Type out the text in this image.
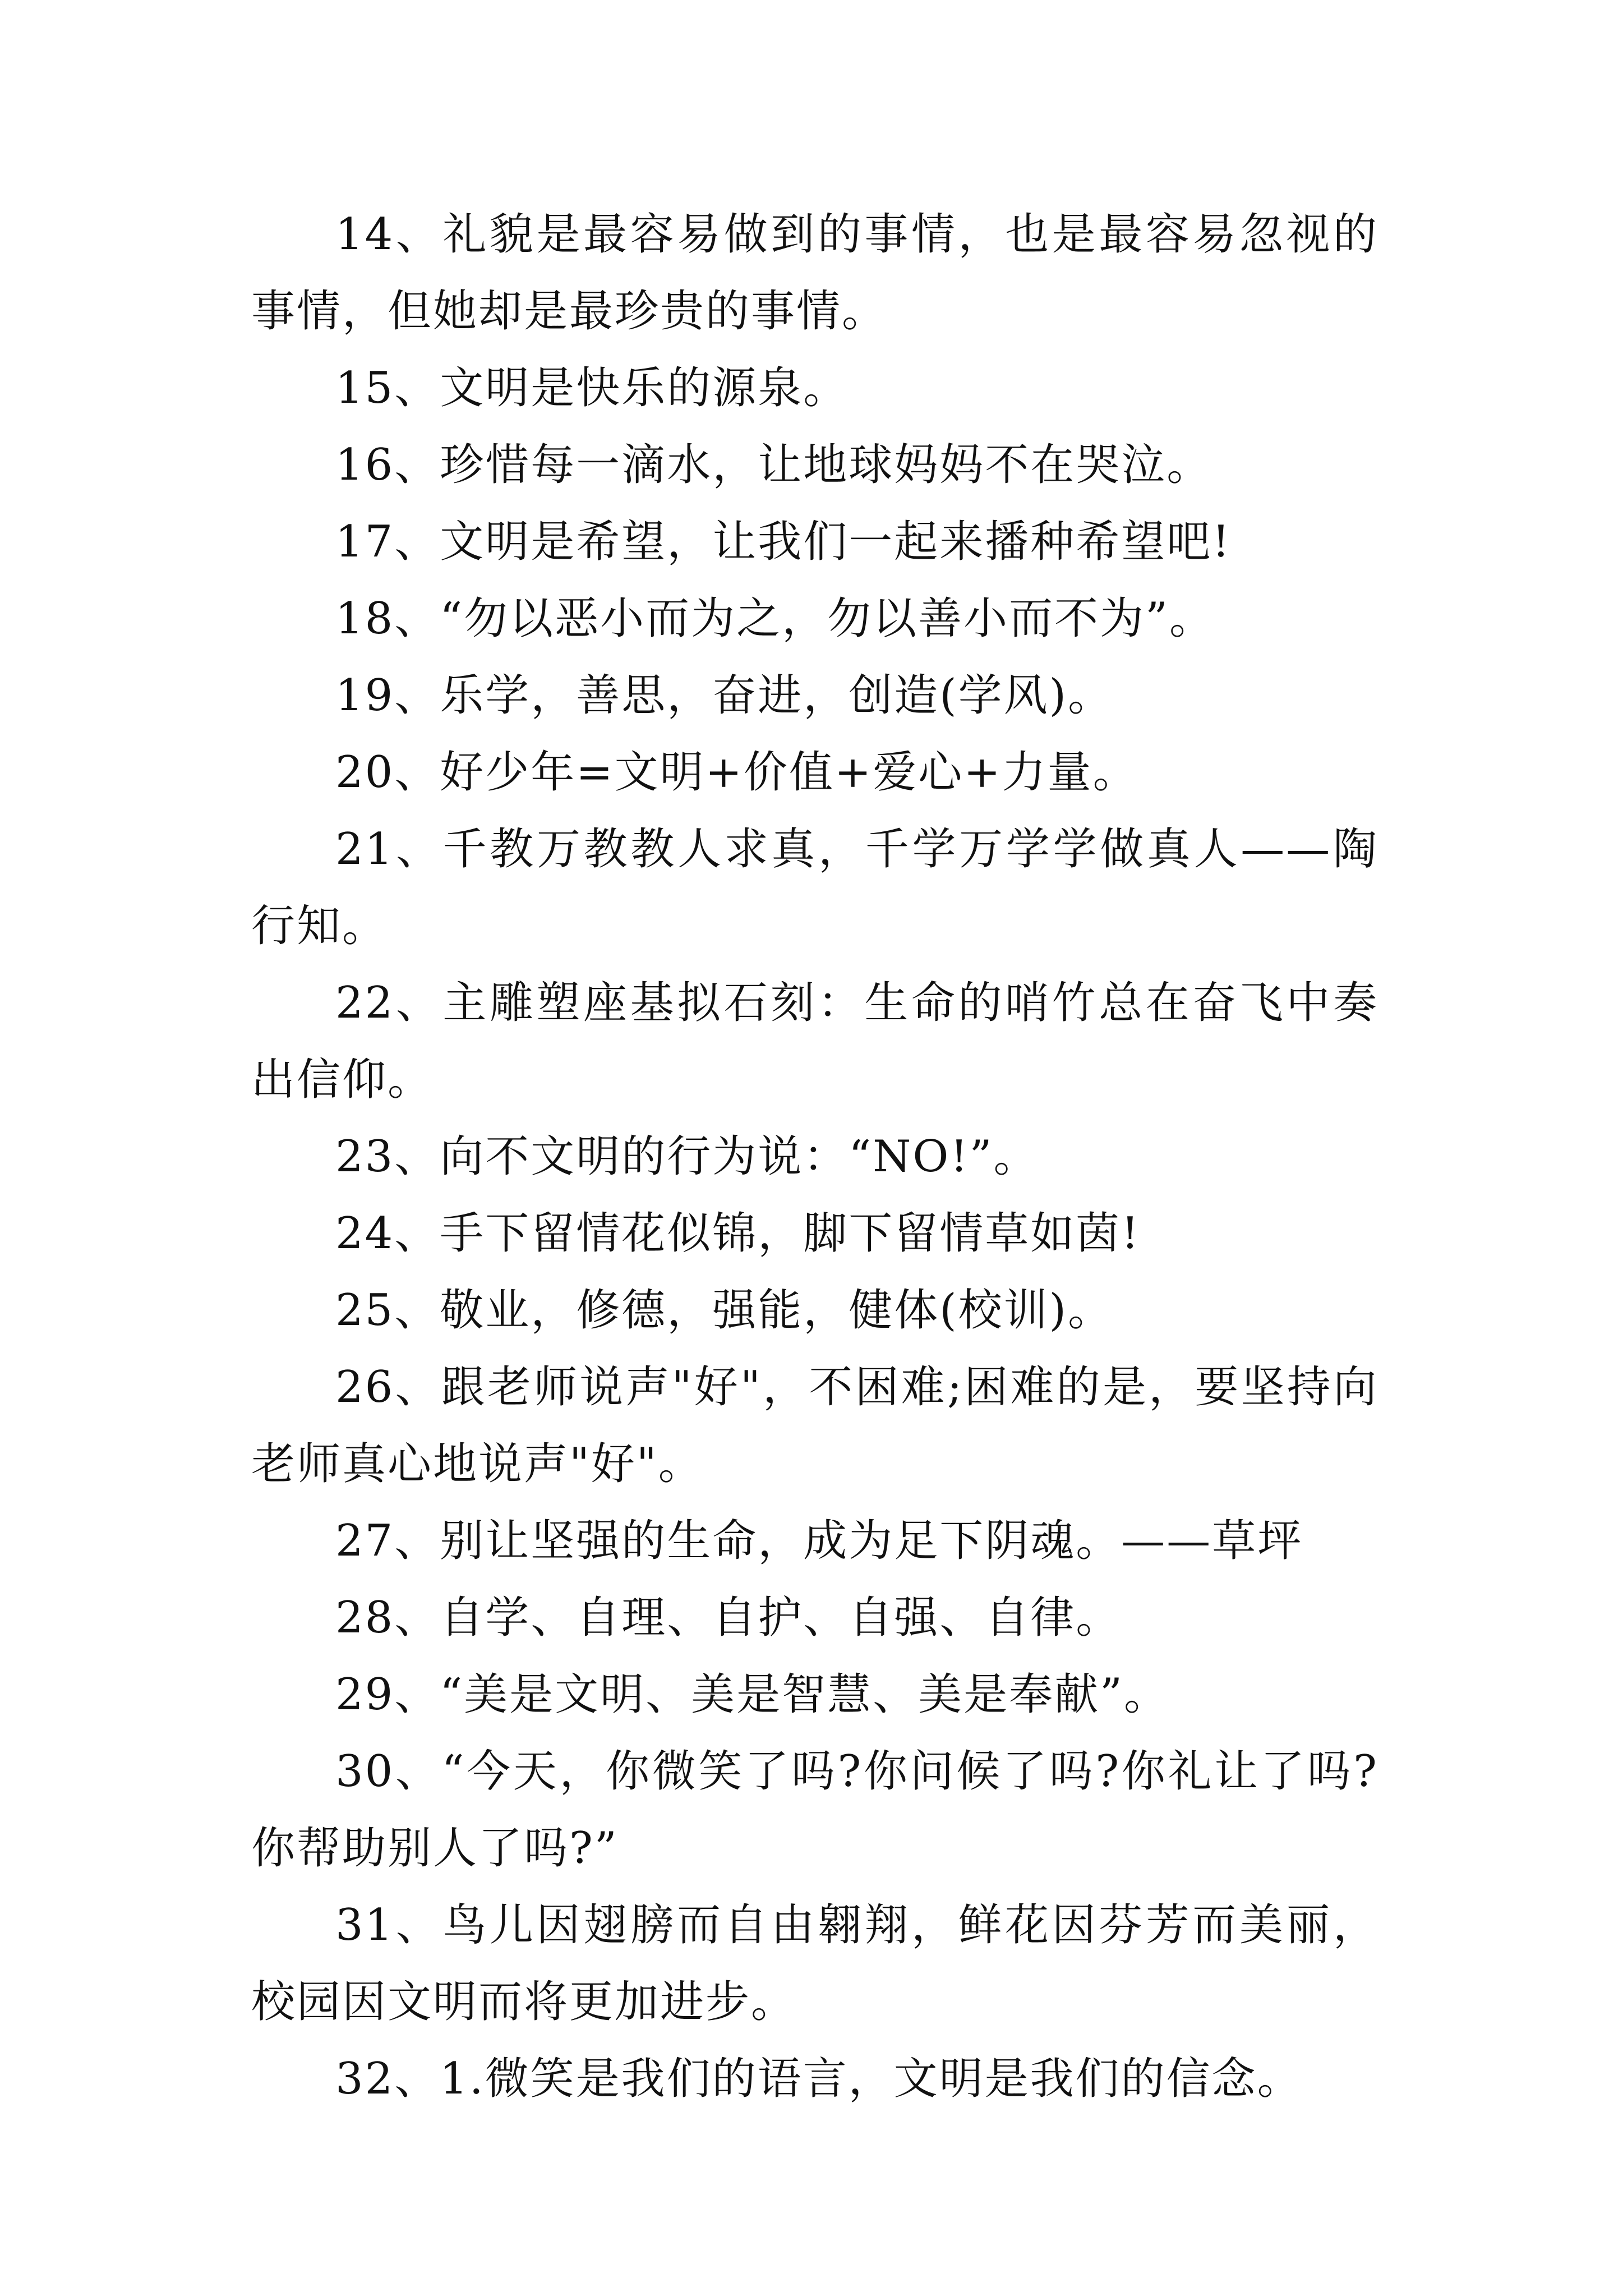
14、礼貌是最容易做到的事情，也是最容易忽视的事情，但她却是最珍贵的事情。

15、文明是快乐的源泉。

16、珍惜每一滴水，让地球妈妈不在哭泣。

17、文明是希望，让我们一起来播种希望吧!

18、“勿以恶小而为之，勿以善小而不为”。

19、乐学，善思，奋进，创造(学风)。

20、好少年=文明+价值+爱心+力量。

21、千教万教教人求真，千学万学学做真人——陶行知。

22、主雕塑座基拟石刻：生命的哨竹总在奋飞中奏出信仰。

23、向不文明的行为说：“NO!”。

24、手下留情花似锦，脚下留情草如茵!

25、敬业，修德，强能，健体(校训)。

26、跟老师说声"好"，不困难;困难的是，要坚持向老师真心地说声"好"。

27、别让坚强的生命，成为足下阴魂。——草坪

28、自学、自理、自护、自强、自律。

29、“美是文明、美是智慧、美是奉献”。

30、“今天，你微笑了吗?你问候了吗?你礼让了吗?你帮助别人了吗?”

31、鸟儿因翅膀而自由翱翔，鲜花因芬芳而美丽，校园因文明而将更加进步。

32、1.微笑是我们的语言，文明是我们的信念。
